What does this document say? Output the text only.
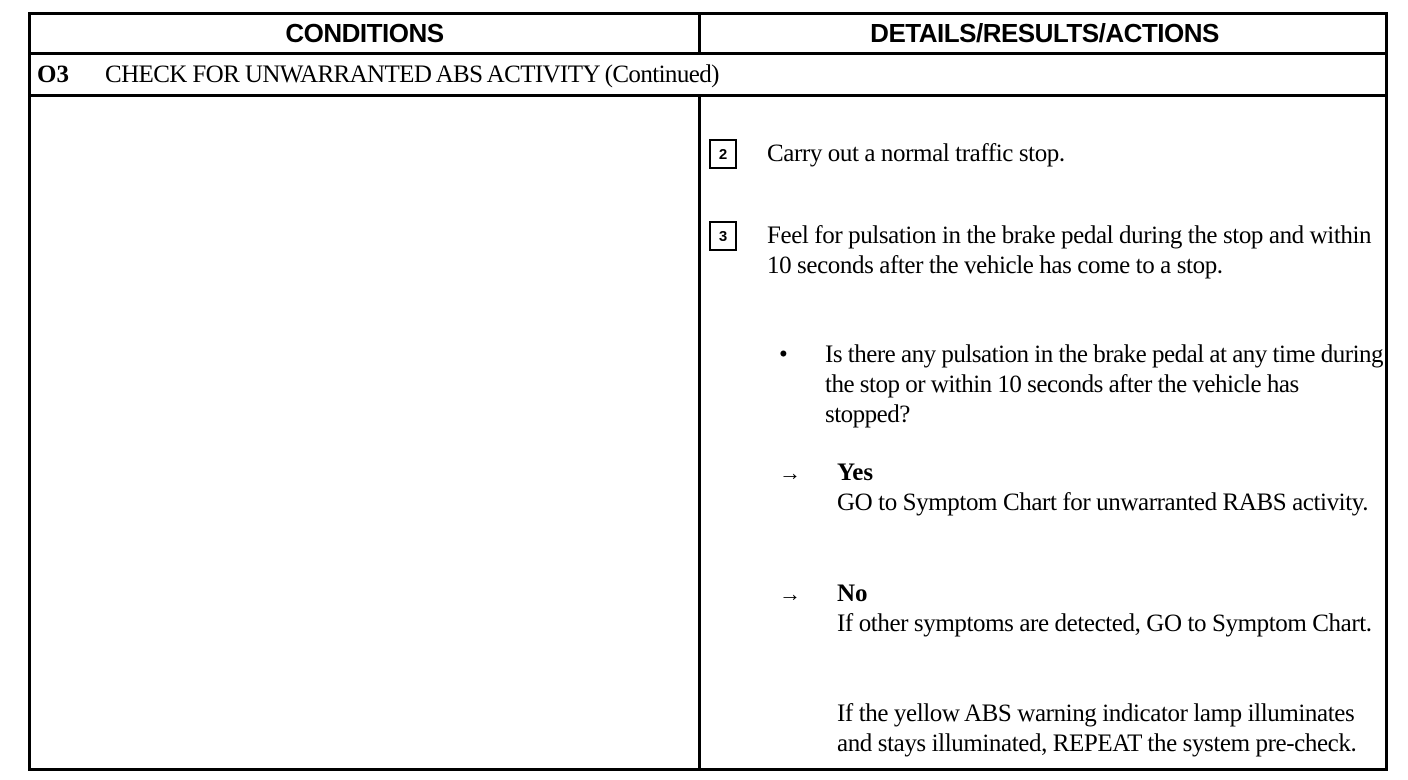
CONDITIONS	DETAILS/RESULTS/ACTIONS
O3	CHECK FOR UNWARRANTED ABS ACTIVITY (Continued)
2	Carry out a normal traffic stop.
3	Feel for pulsation in the brake pedal during the stop and within 10 seconds after the vehicle has come to a stop.
• Is there any pulsation in the brake pedal at any time during the stop or within 10 seconds after the vehicle has stopped?
→ Yes
GO to Symptom Chart for unwarranted RABS activity.
→ No
If other symptoms are detected, GO to Symptom Chart.
If the yellow ABS warning indicator lamp illuminates and stays illuminated, REPEAT the system pre-check.
